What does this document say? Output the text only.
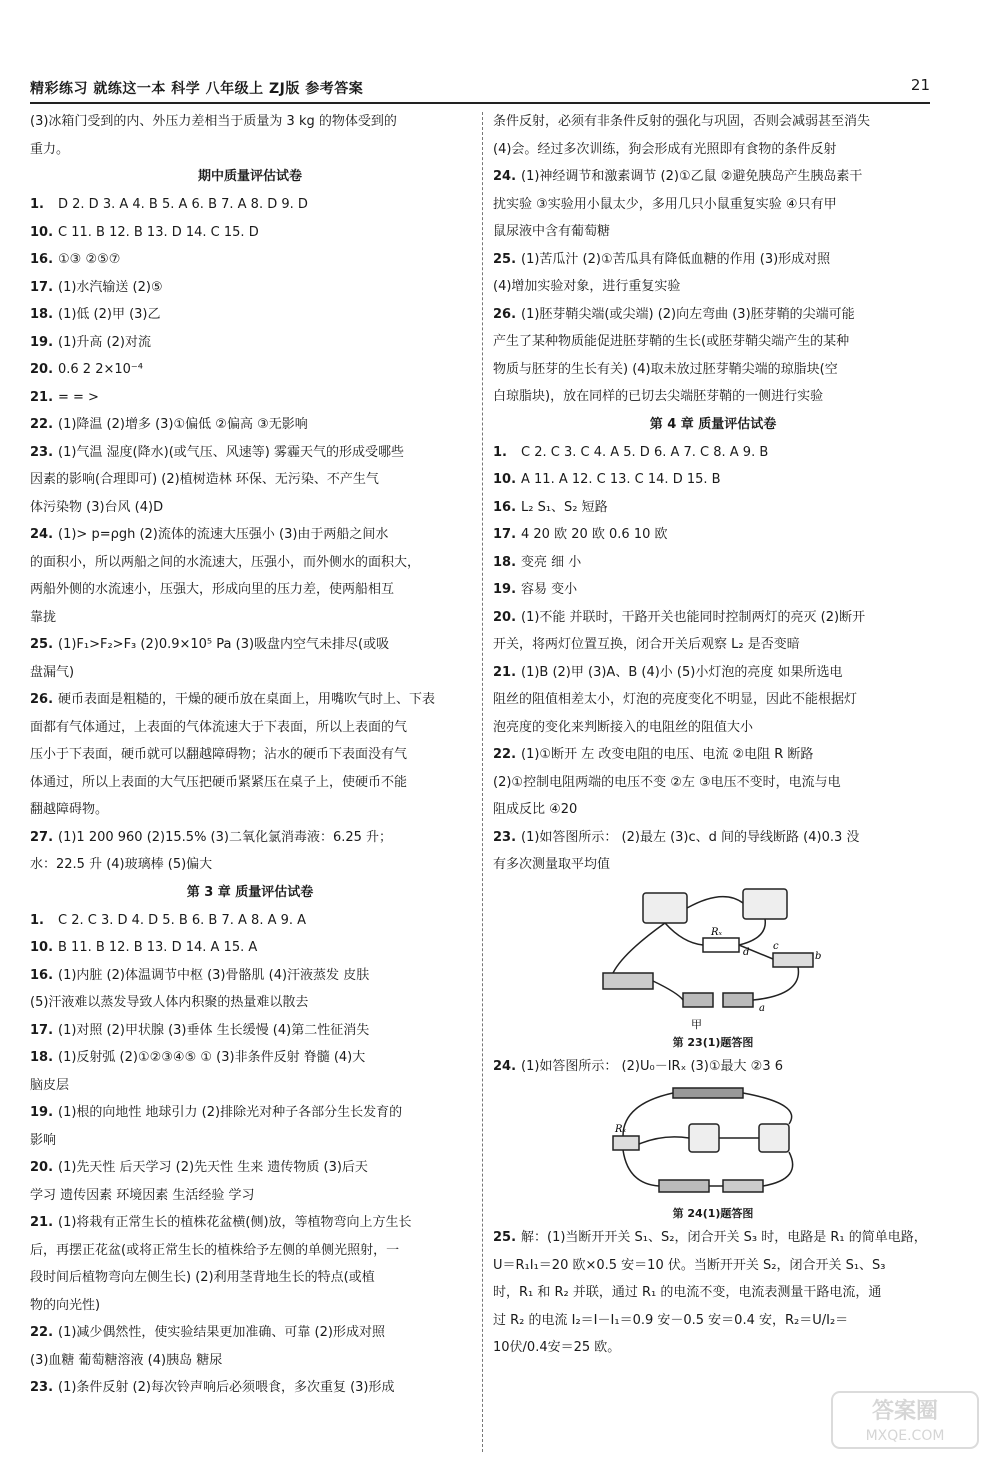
精彩练习 就练这一本 科学 八年级上 ZJ版 参考答案	21
(3)冰箱门受到的内、外压力差相当于质量为 3 kg 的物体受到的
重力。
期中质量评估试卷
1.	D 2. D 3. A 4. B 5. A 6. B 7. A 8. D 9. D
10. C 11. B 12. B 13. D 14. C 15. D
16. ①③ ②⑤⑦
17. (1)水汽输送 (2)⑤
18. (1)低 (2)甲 (3)乙
19. (1)升高 (2)对流
20. 0.6 2 2×10⁻⁴
21. = = >
22. (1)降温 (2)增多 (3)①偏低 ②偏高 ③无影响
23. (1)气温 湿度(降水)(或气压、风速等) 雾霾天气的形成受哪些
因素的影响(合理即可) (2)植树造林 环保、无污染、不产生气
体污染物 (3)台风 (4)D
24. (1)> p=ρgh (2)流体的流速大压强小 (3)由于两船之间水
的面积小，所以两船之间的水流速大，压强小，而外侧水的面积大，
两船外侧的水流速小，压强大，形成向里的压力差，使两船相互
靠拢
25. (1)F₁>F₂>F₃ (2)0.9×10⁵ Pa (3)吸盘内空气未排尽(或吸
盘漏气)
26. 硬币表面是粗糙的，干燥的硬币放在桌面上，用嘴吹气时上、下表
面都有气体通过，上表面的气体流速大于下表面，所以上表面的气
压小于下表面，硬币就可以翻越障碍物；沾水的硬币下表面没有气
体通过，所以上表面的大气压把硬币紧紧压在桌子上，使硬币不能
翻越障碍物。
27. (1)1 200 960 (2)15.5% (3)二氧化氯消毒液：6.25 升；
水：22.5 升 (4)玻璃棒 (5)偏大
第 3 章 质量评估试卷
1.	C 2. C 3. D 4. D 5. B 6. B 7. A 8. A 9. A
10. B 11. B 12. B 13. D 14. A 15. A
16. (1)内脏 (2)体温调节中枢 (3)骨骼肌 (4)汗液蒸发 皮肤
(5)汗液难以蒸发导致人体内积聚的热量难以散去
17. (1)对照 (2)甲状腺 (3)垂体 生长缓慢 (4)第二性征消失
18. (1)反射弧 (2)①②③④⑤ ① (3)非条件反射 脊髓 (4)大
脑皮层
19. (1)根的向地性 地球引力 (2)排除光对种子各部分生长发育的
影响
20. (1)先天性 后天学习 (2)先天性 生来 遗传物质 (3)后天
学习 遗传因素 环境因素 生活经验 学习
21. (1)将栽有正常生长的植株花盆横(侧)放，等植物弯向上方生长
后，再摆正花盆(或将正常生长的植株给予左侧的单侧光照射，一
段时间后植物弯向左侧生长) (2)利用茎背地生长的特点(或植
物的向光性)
22. (1)减少偶然性，使实验结果更加准确、可靠 (2)形成对照
(3)血糖 葡萄糖溶液 (4)胰岛 糖尿
23. (1)条件反射 (2)每次铃声响后必须喂食，多次重复 (3)形成
条件反射，必须有非条件反射的强化与巩固，否则会减弱甚至消失
(4)会。经过多次训练，狗会形成有光照即有食物的条件反射
24. (1)神经调节和激素调节 (2)①乙鼠 ②避免胰岛产生胰岛素干
扰实验 ③实验用小鼠太少，多用几只小鼠重复实验 ④只有甲
鼠尿液中含有葡萄糖
25. (1)苦瓜汁 (2)①苦瓜具有降低血糖的作用 (3)形成对照
(4)增加实验对象，进行重复实验
26. (1)胚芽鞘尖端(或尖端) (2)向左弯曲 (3)胚芽鞘的尖端可能
产生了某种物质能促进胚芽鞘的生长(或胚芽鞘尖端产生的某种
物质与胚芽的生长有关) (4)取未放过胚芽鞘尖端的琼脂块(空
白琼脂块)，放在同样的已切去尖端胚芽鞘的一侧进行实验
第 4 章 质量评估试卷
1.	C 2. C 3. C 4. A 5. D 6. A 7. C 8. A 9. B
10. A 11. A 12. C 13. C 14. D 15. B
16. L₂ S₁、S₂ 短路
17. 4 20 欧 20 欧 0.6 10 欧
18. 变亮 细 小
19. 容易 变小
20. (1)不能 并联时，干路开关也能同时控制两灯的亮灭 (2)断开
开关，将两灯位置互换，闭合开关后观察 L₂ 是否变暗
21. (1)B (2)甲 (3)A、B (4)小 (5)小灯泡的亮度 如果所选电
阻丝的阻值相差太小，灯泡的亮度变化不明显，因此不能根据灯
泡亮度的变化来判断接入的电阻丝的阻值大小
22. (1)①断开 左 改变电阻的电压、电流 ②电阻 R 断路
(2)①控制电阻两端的电压不变 ②左 ③电压不变时，电流与电
阻成反比 ④20
23. (1)如答图所示： (2)最左 (3)c、d 间的导线断路 (4)0.3 没
有多次测量取平均值
Rₓ
d
c
b
a
甲
第 23(1)题答图
24. (1)如答图所示： (2)U₀－IRₓ (3)①最大 ②3 6
Rₓ
第 24(1)题答图
25. 解：(1)当断开开关 S₁、S₂，闭合开关 S₃ 时，电路是 R₁ 的简单电路，
U＝R₁I₁＝20 欧×0.5 安＝10 伏。当断开开关 S₂，闭合开关 S₁、S₃
时，R₁ 和 R₂ 并联，通过 R₁ 的电流不变，电流表测量干路电流，通
过 R₂ 的电流 I₂＝I－I₁＝0.9 安－0.5 安＝0.4 安，R₂＝U/I₂＝
10伏/0.4安＝25 欧。
答案圈
MXQE.COM
